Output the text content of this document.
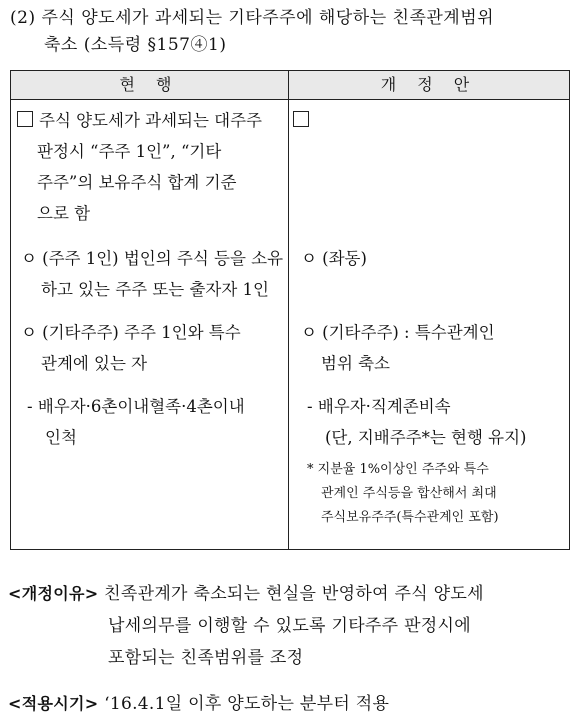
(2) 주식 양도세가 과세되는 기타주주에 해당하는 친족관계범위
축소 (소득령 §157④1)
현 행	개 정 안
주식 양도세가 과세되는 대주주
판정시 “주주 1인”, “기타
주주”의 보유주식 합계 기준
으로 함
ㅇ (주주 1인) 법인의 주식 등을 소유
하고 있는 주주 또는 출자자 1인
ㅇ (기타주주) 주주 1인와 특수
관계에 있는 자
- 배우자·6촌이내혈족·4촌이내
인척
ㅇ (좌동)
ㅇ (기타주주) : 특수관계인
범위 축소
- 배우자·직계존비속
(단, 지배주주*는 현행 유지)
* 지분율 1%이상인 주주와 특수
관계인 주식등을 합산해서 최대
주식보유주주(특수관계인 포함)
<개정이유> 친족관계가 축소되는 현실을 반영하여 주식 양도세
납세의무를 이행할 수 있도록 기타주주 판정시에
포함되는 친족범위를 조정
<적용시기> ‘16.4.1일 이후 양도하는 분부터 적용
